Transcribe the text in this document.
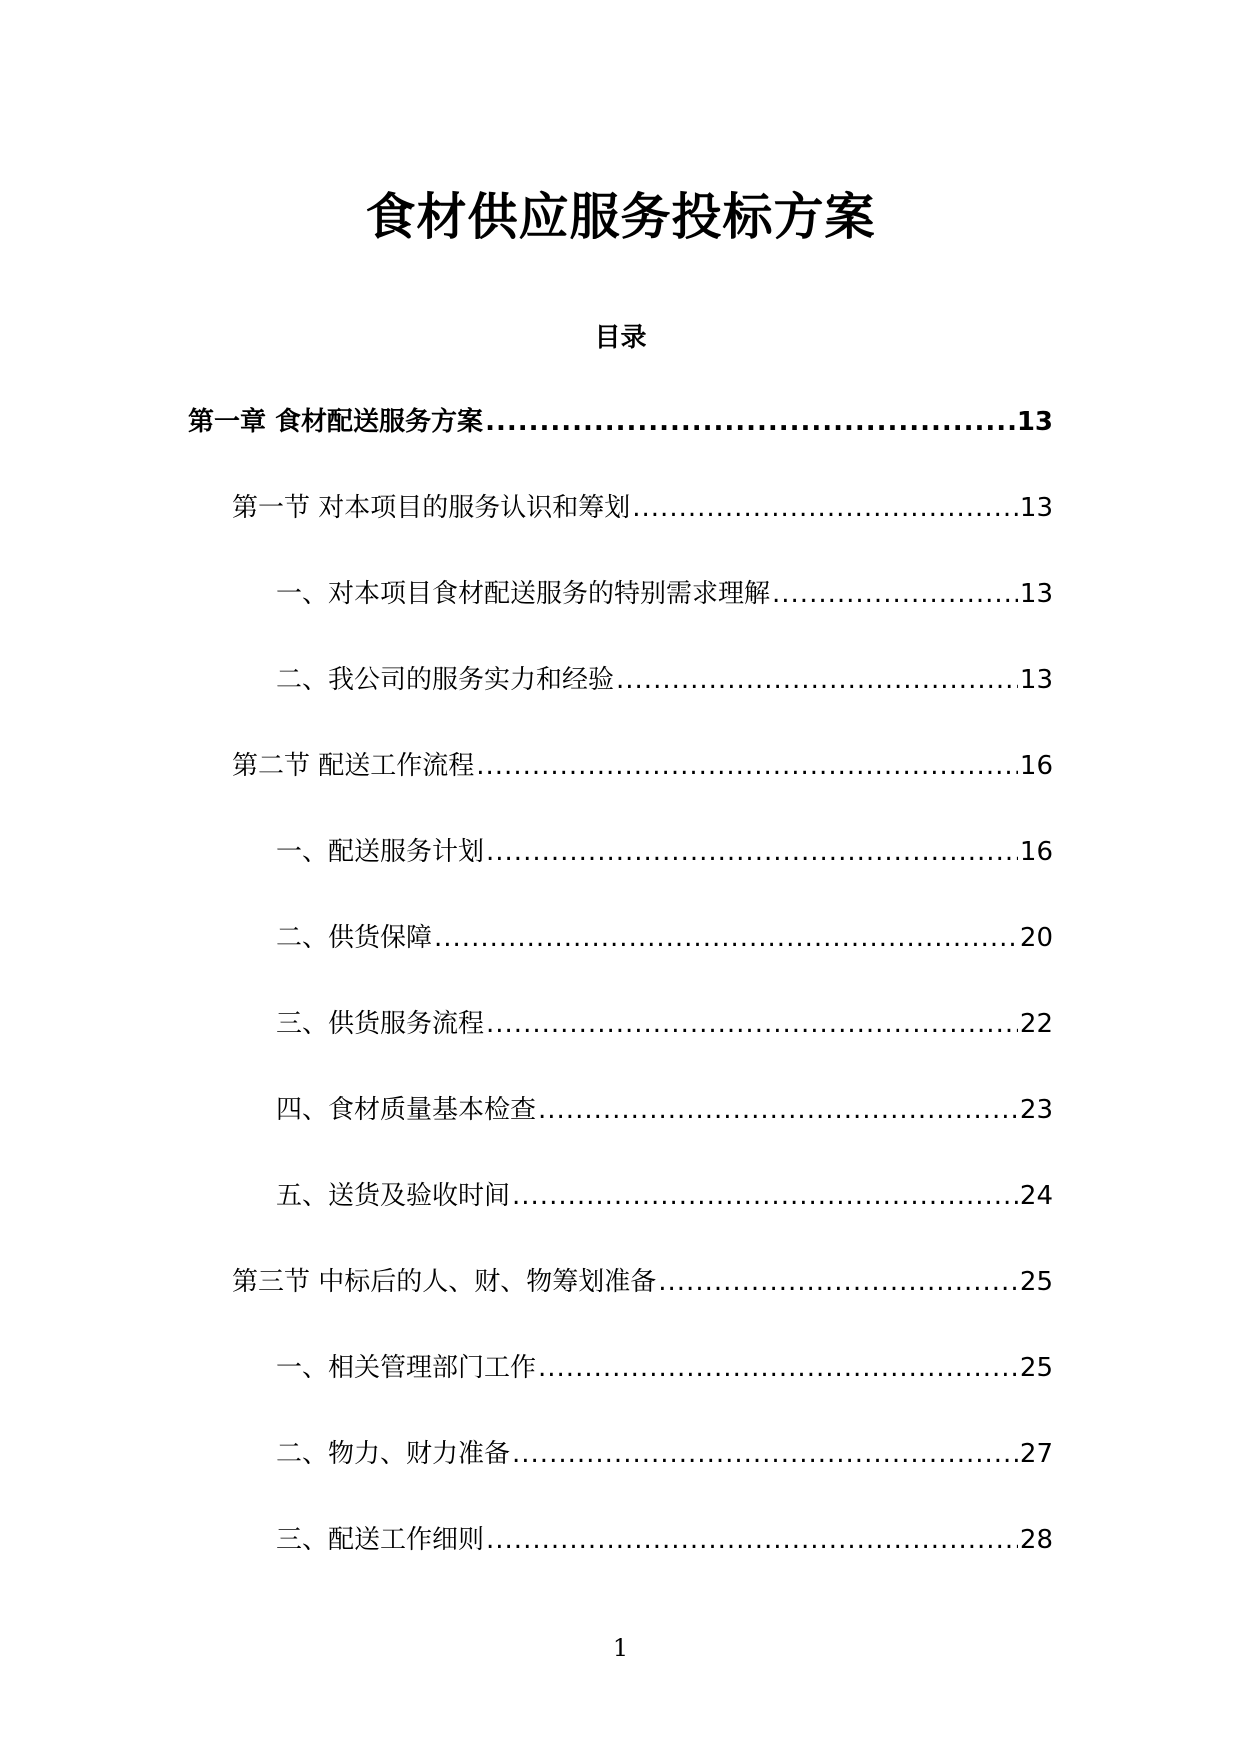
食材供应服务投标方案
目录
第一章 食材配送服务方案 .....	13
第一节 对本项目的服务认识和筹划 .....	13
一、对本项目食材配送服务的特别需求理解 .....	13
二、我公司的服务实力和经验 .....	13
第二节 配送工作流程 .....	16
一、配送服务计划 .....	16
二、供货保障 .....	20
三、供货服务流程 .....	22
四、食材质量基本检查 .....	23
五、送货及验收时间 .....	24
第三节 中标后的人、财、物筹划准备 .....	25
一、相关管理部门工作 .....	25
二、物力、财力准备 .....	27
三、配送工作细则 .....	28
1
